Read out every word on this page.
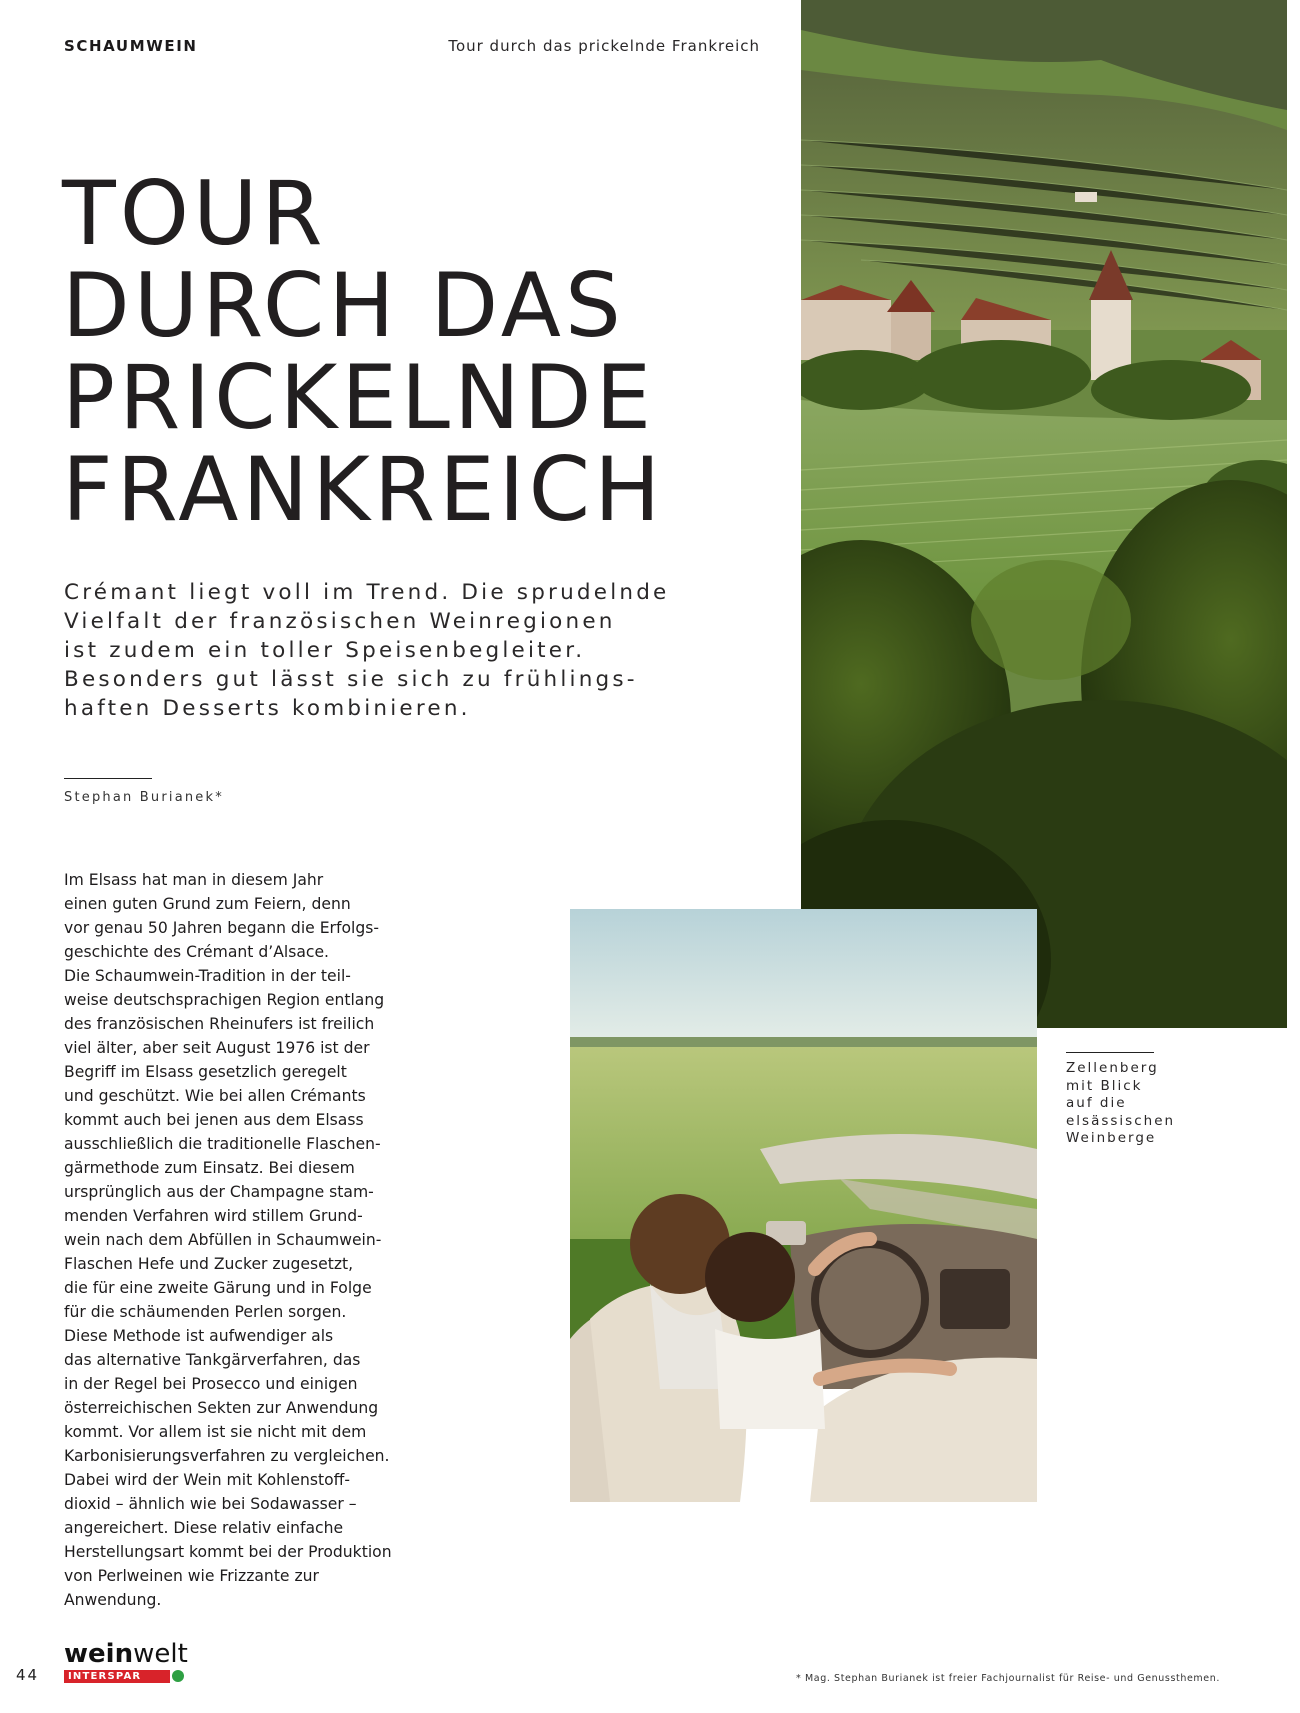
SCHAUMWEIN	Tour durch das prickelnde Frankreich
TOUR
DURCH DAS
PRICKELNDE
FRANKREICH
Crémant liegt voll im Trend. Die sprudelnde
Vielfalt der französischen Weinregionen
ist zudem ein toller Speisenbegleiter.
Besonders gut lässt sie sich zu frühlings-
haften Desserts kombinieren.
Stephan Burianek*
Im Elsass hat man in diesem Jahr
einen guten Grund zum Feiern, denn
vor genau 50 Jahren begann die Erfolgs-
geschichte des Crémant d’Alsace.
Die Schaumwein-Tradition in der teil-
weise deutschsprachigen Region entlang
des französischen Rheinufers ist freilich
viel älter, aber seit August 1976 ist der
Begriff im Elsass gesetzlich geregelt
und geschützt. Wie bei allen Crémants
kommt auch bei jenen aus dem Elsass
ausschließlich die traditionelle Flaschen-
gärmethode zum Einsatz. Bei diesem
ursprünglich aus der Champagne stam-
menden Verfahren wird stillem Grund-
wein nach dem Abfüllen in Schaumwein-
Flaschen Hefe und Zucker zugesetzt,
die für eine zweite Gärung und in Folge
für die schäumenden Perlen sorgen.
Diese Methode ist aufwendiger als
das alternative Tankgärverfahren, das
in der Regel bei Prosecco und einigen
österreichischen Sekten zur Anwendung
kommt. Vor allem ist sie nicht mit dem
Karbonisierungsverfahren zu vergleichen.
Dabei wird der Wein mit Kohlenstoff-
dioxid – ähnlich wie bei Sodawasser –
angereichert. Diese relativ einfache
Herstellungsart kommt bei der Produktion
von Perlweinen wie Frizzante zur
Anwendung.
Zellenberg
mit Blick
auf die
elsässischen
Weinberge
44
weinwelt
INTERSPAR	* Mag. Stephan Burianek ist freier Fachjournalist für Reise- und Genussthemen.
